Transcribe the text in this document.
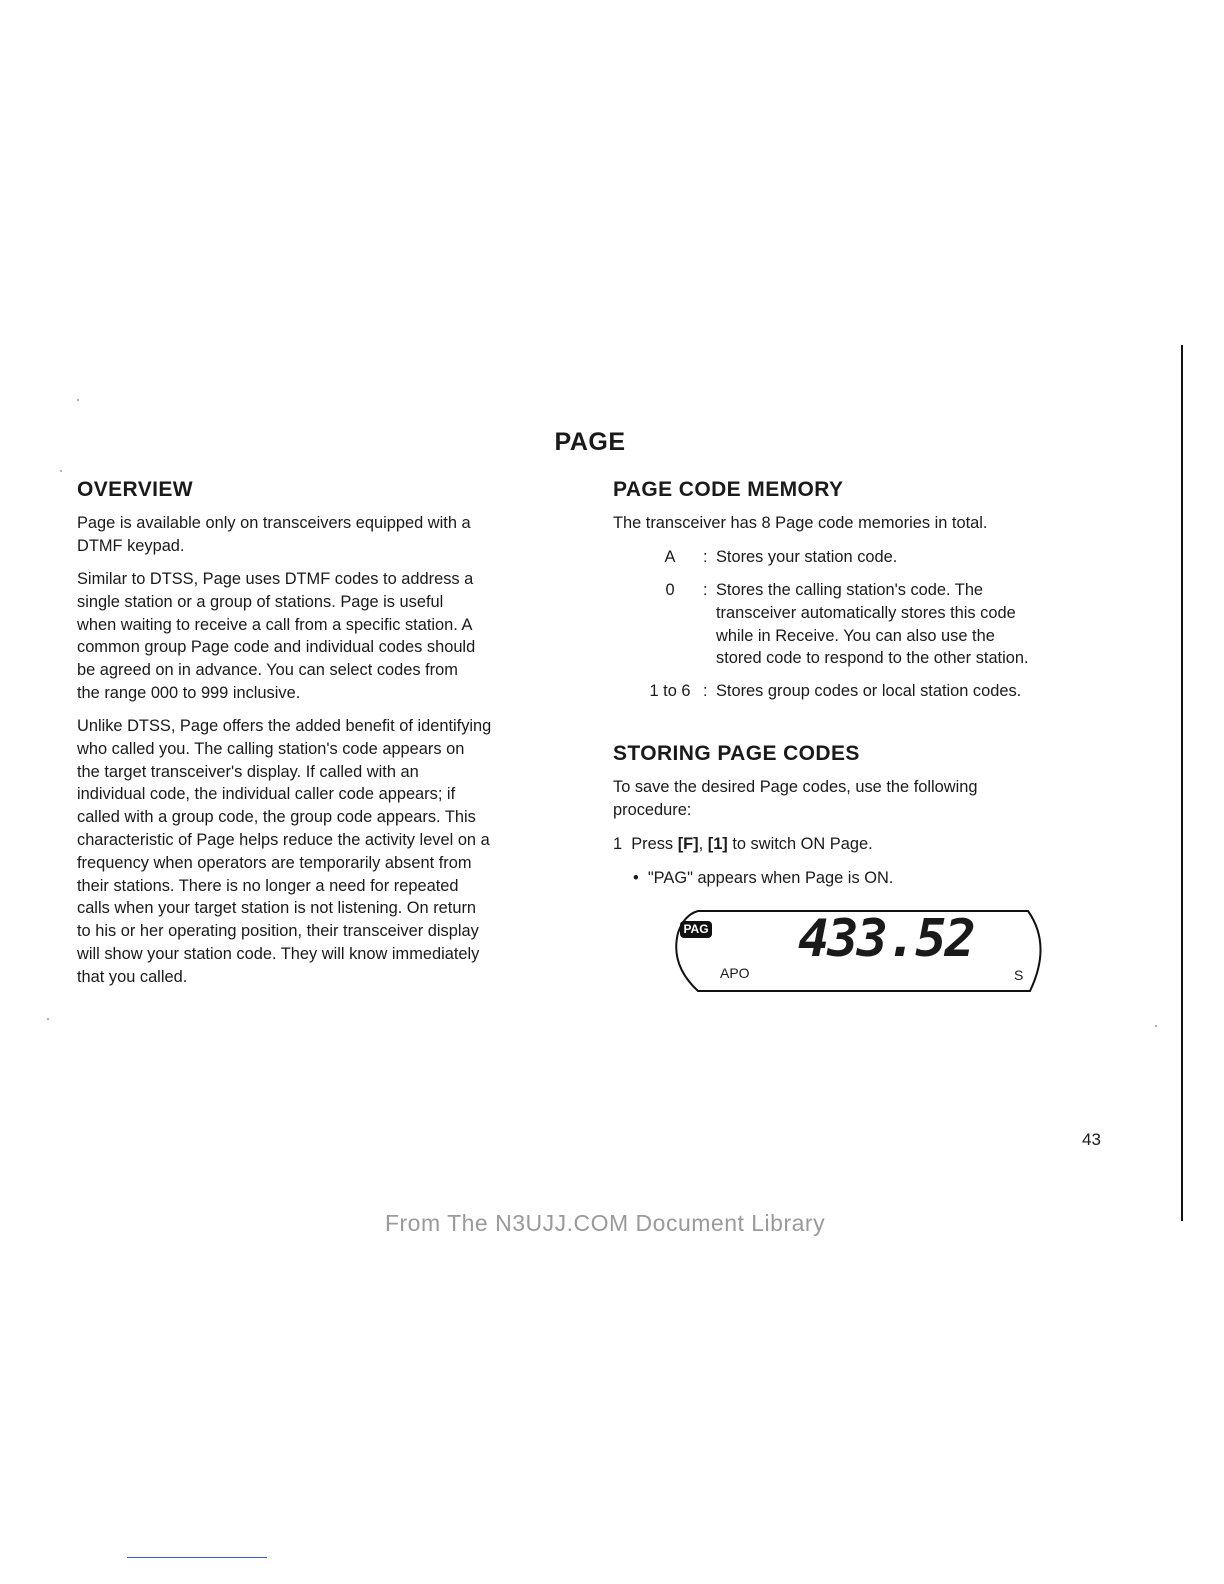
PAGE
OVERVIEW
Page is available only on transceivers equipped with a
DTMF keypad.
Similar to DTSS, Page uses DTMF codes to address a
single station or a group of stations. Page is useful
when waiting to receive a call from a specific station. A
common group Page code and individual codes should
be agreed on in advance. You can select codes from
the range 000 to 999 inclusive.
Unlike DTSS, Page offers the added benefit of identifying
who called you. The calling station's code appears on
the target transceiver's display. If called with an
individual code, the individual caller code appears; if
called with a group code, the group code appears. This
characteristic of Page helps reduce the activity level on a
frequency when operators are temporarily absent from
their stations. There is no longer a need for repeated
calls when your target station is not listening. On return
to his or her operating position, their transceiver display
will show your station code. They will know immediately
that you called.
PAGE CODE MEMORY
The transceiver has 8 Page code memories in total.
A	: Stores your station code.
0	: Stores the calling station's code. The
transceiver automatically stores this code
while in Receive. You can also use the
stored code to respond to the other station.
1 to 6 : Stores group codes or local station codes.
STORING PAGE CODES
To save the desired Page codes, use the following
procedure:
1 Press [F], [1] to switch ON Page.
• "PAG" appears when Page is ON.
PAG 433.52
APO	S
43
From The N3UJJ.COM Document Library
